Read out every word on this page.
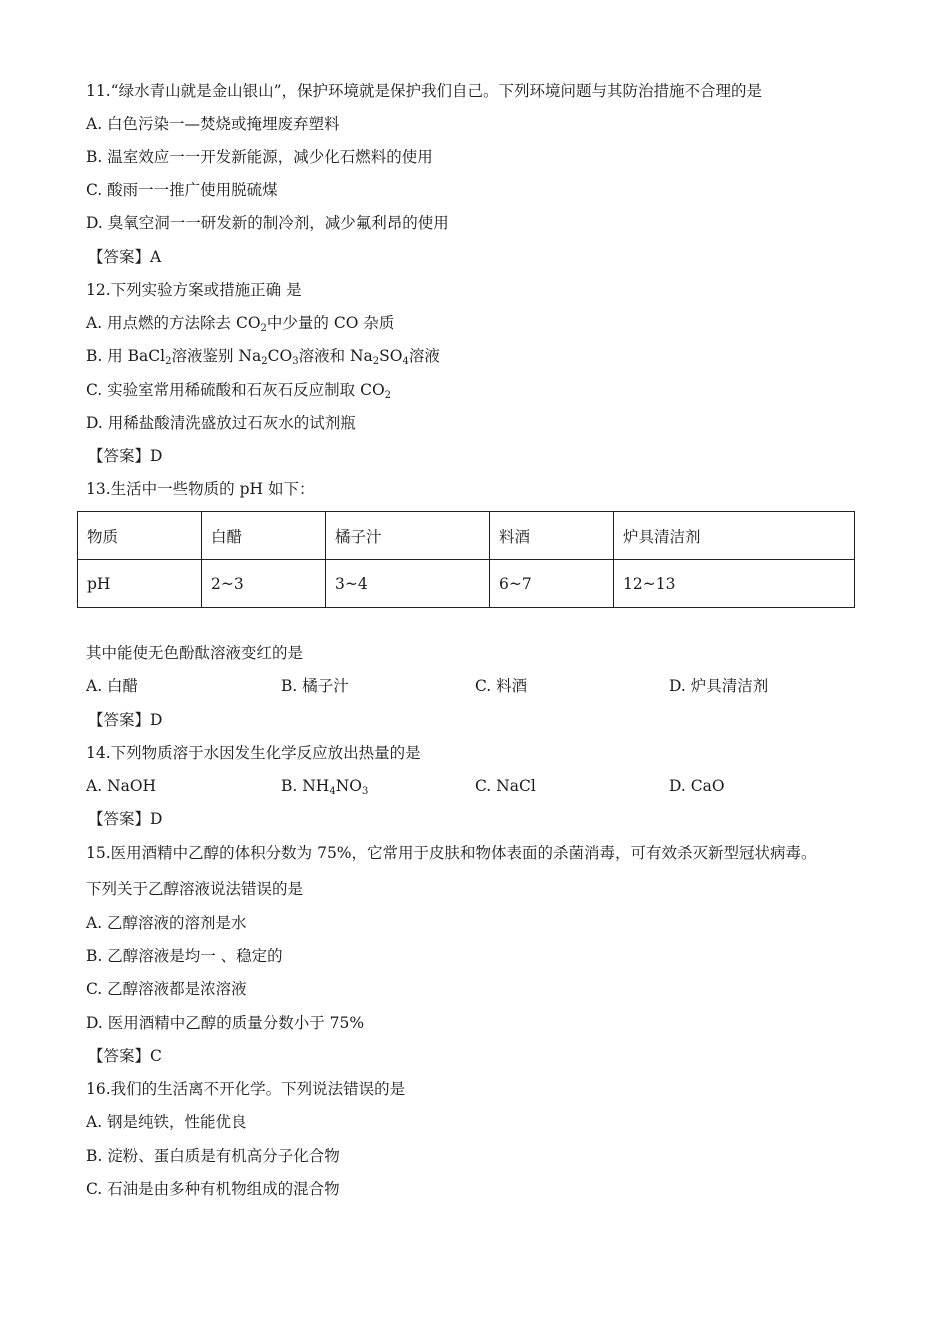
11.“绿水青山就是金山银山”，保护环境就是保护我们自己。下列环境问题与其防治措施不合理的是
A. 白色污染一—焚烧或掩埋废弃塑料
B. 温室效应一一开发新能源，减少化石燃料的使用
C. 酸雨一一推广使用脱硫煤
D. 臭氧空洞一一研发新的制冷剂，减少氟利昂的使用
【答案】A
12.下列实验方案或措施正确 是
A. 用点燃的方法除去 $CO_2$中少量的 CO 杂质
B. 用 BaCl$_2$溶液鉴别 $Na_2CO_3$溶液和 $Na_2SO_4$溶液
C. 实验室常用稀硫酸和石灰石反应制取 $CO_2$
D. 用稀盐酸清洗盛放过石灰水的试剂瓶
【答案】D
13.生活中一些物质的 pH 如下：
物质	白醋	橘子汁	料酒	炉具清洁剂
pH	2~3	3~4	6~7	12~13
其中能使无色酚酞溶液变红的是
A. 白醋	B. 橘子汁	C. 料酒	D. 炉具清洁剂
【答案】D
14.下列物质溶于水因发生化学反应放出热量的是
A. NaOH	B. $NH_4NO_3$	C. NaCl	D. CaO
【答案】D
15.医用酒精中乙醇的体积分数为 75%，它常用于皮肤和物体表面的杀菌消毒，可有效杀灭新型冠状病毒。
下列关于乙醇溶液说法错误的是
A. 乙醇溶液的溶剂是水
B. 乙醇溶液是均一 、稳定的
C. 乙醇溶液都是浓溶液
D. 医用酒精中乙醇的质量分数小于 75%
【答案】C
16.我们的生活离不开化学。下列说法错误的是
A. 钢是纯铁，性能优良
B. 淀粉、蛋白质是有机高分子化合物
C. 石油是由多种有机物组成的混合物
